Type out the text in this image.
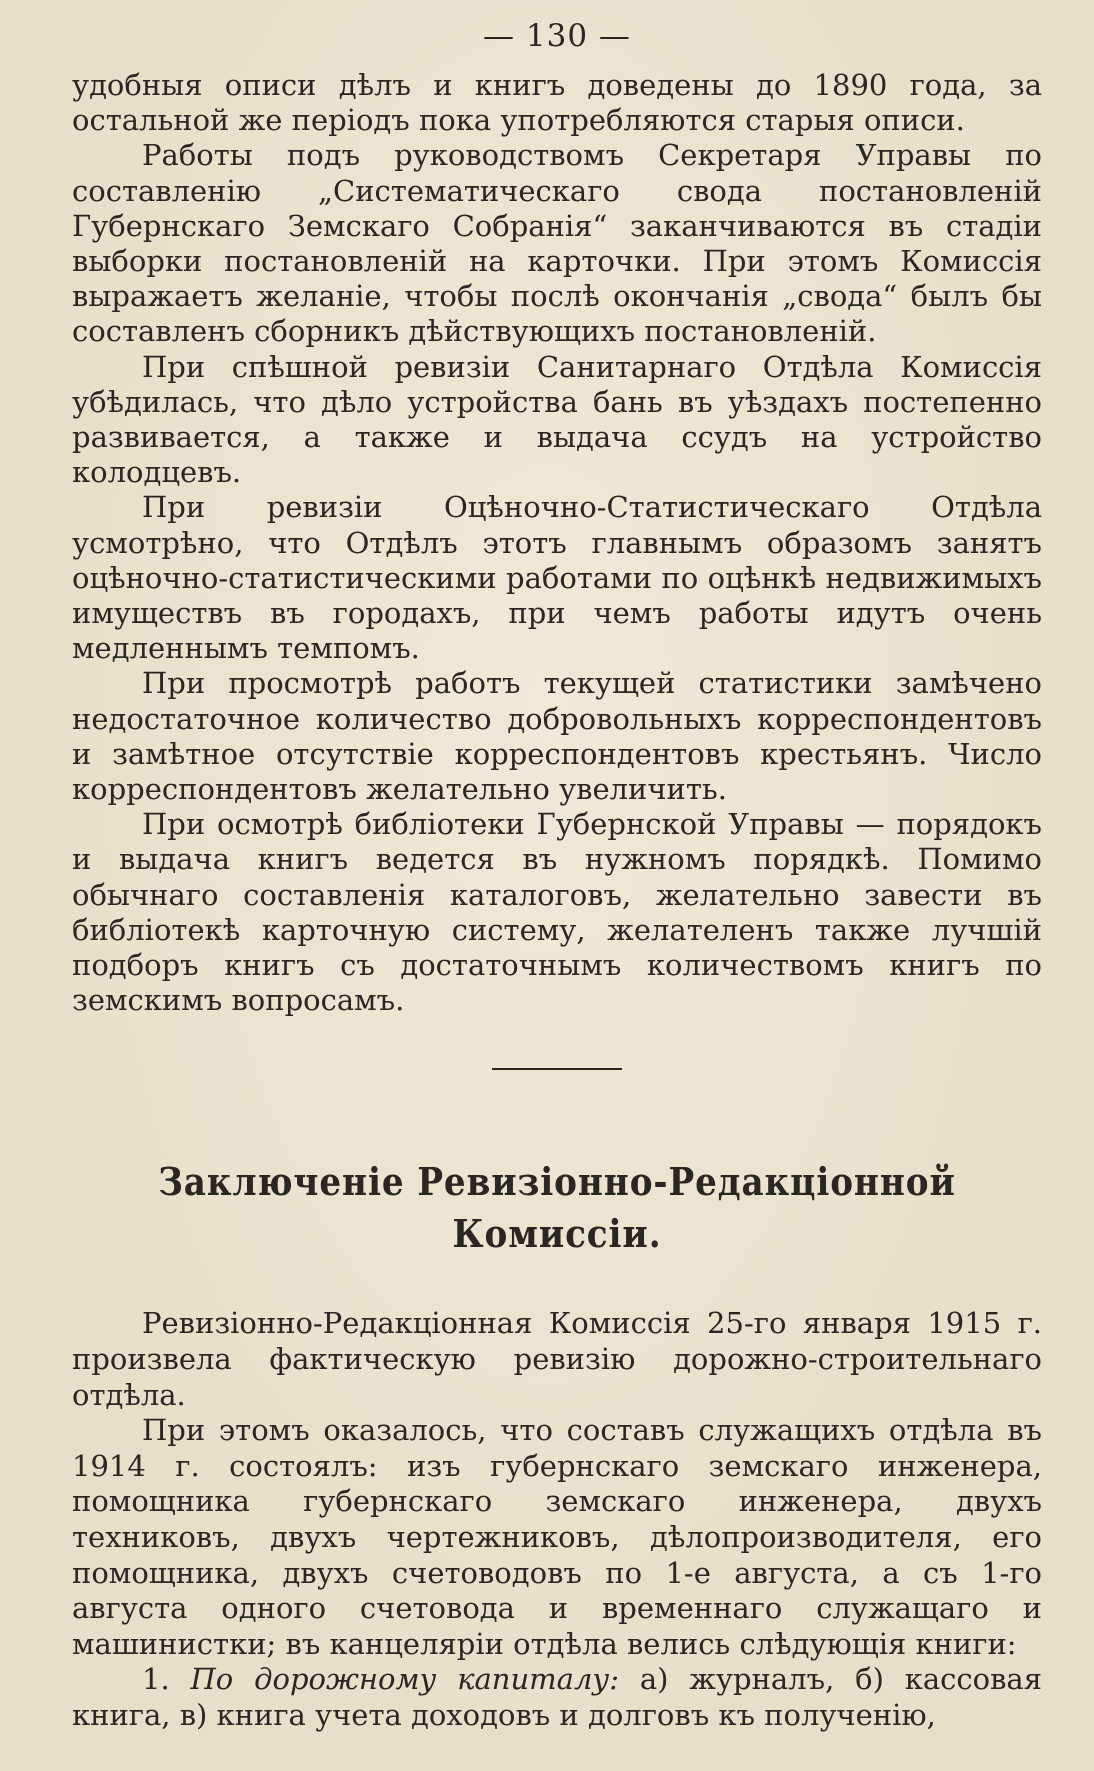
— 130 —

удобныя описи дѣлъ и книгъ доведены до 1890 года, за остальной же періодъ пока употребляются старыя описи.

Работы подъ руководствомъ Секретаря Управы по составленію „Систематическаго свода постановленій Губернскаго Земскаго Собранія“ заканчиваются въ стадіи выборки постановленій на карточки. При этомъ Комиссія выражаетъ желаніе, чтобы послѣ окончанія „свода“ былъ бы составленъ сборникъ дѣйствующихъ постановленій.

При спѣшной ревизіи Санитарнаго Отдѣла Комиссія убѣдилась, что дѣло устройства бань въ уѣздахъ постепенно развивается, а также и выдача ссудъ на устройство колодцевъ.

При ревизіи Оцѣночно-Статистическаго Отдѣла усмотрѣно, что Отдѣлъ этотъ главнымъ образомъ занятъ оцѣночно-статистическими работами по оцѣнкѣ недвижимыхъ имуществъ въ городахъ, при чемъ работы идутъ очень медленнымъ темпомъ.

При просмотрѣ работъ текущей статистики замѣчено недостаточное количество добровольныхъ корреспондентовъ и замѣтное отсутствіе корреспондентовъ крестьянъ. Число корреспондентовъ желательно увеличить.

При осмотрѣ библіотеки Губернской Управы — порядокъ и выдача книгъ ведется въ нужномъ порядкѣ. Помимо обычнаго составленія каталоговъ, желательно завести въ библіотекѣ карточную систему, желателенъ также лучшій подборъ книгъ съ достаточнымъ количествомъ книгъ по земскимъ вопросамъ.

Заключеніе Ревизіонно-Редакціонной
Комиссіи.

Ревизіонно-Редакціонная Комиссія 25-го января 1915 г. произвела фактическую ревизію дорожно-строительнаго отдѣла.

При этомъ оказалось, что составъ служащихъ отдѣла въ 1914 г. состоялъ: изъ губернскаго земскаго инженера, помощника губернскаго земскаго инженера, двухъ техниковъ, двухъ чертежниковъ, дѣлопроизводителя, его помощника, двухъ счетоводовъ по 1-е августа, а съ 1-го августа одного счетовода и временнаго служащаго и машинистки; въ канцеляріи отдѣла велись слѣдующія книги:

1. По дорожному капиталу: а) журналъ, б) кассовая книга, в) книга учета доходовъ и долговъ къ полученію,
